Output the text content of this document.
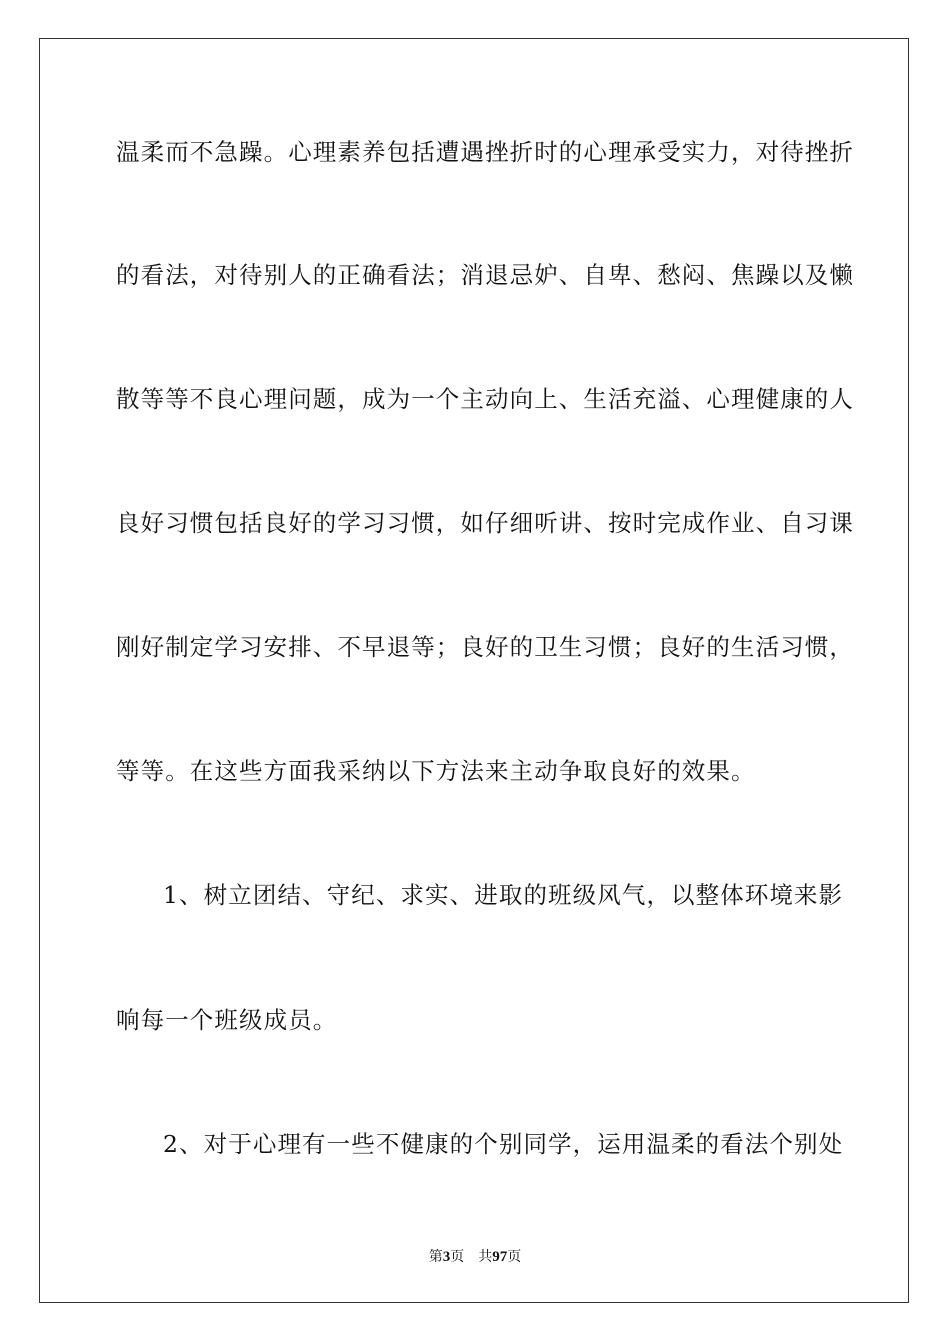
温柔而不急躁。心理素养包括遭遇挫折时的心理承受实力，对待挫折
的看法，对待别人的正确看法；消退忌妒、自卑、愁闷、焦躁以及懒
散等等不良心理问题，成为一个主动向上、生活充溢、心理健康的人
良好习惯包括良好的学习习惯，如仔细听讲、按时完成作业、自习课
刚好制定学习安排、不早退等；良好的卫生习惯；良好的生活习惯，
等等。在这些方面我采纳以下方法来主动争取良好的效果。
1、树立团结、守纪、求实、进取的班级风气，以整体环境来影
响每一个班级成员。
2、对于心理有一些不健康的个别同学，运用温柔的看法个别处
第3页 共97页
